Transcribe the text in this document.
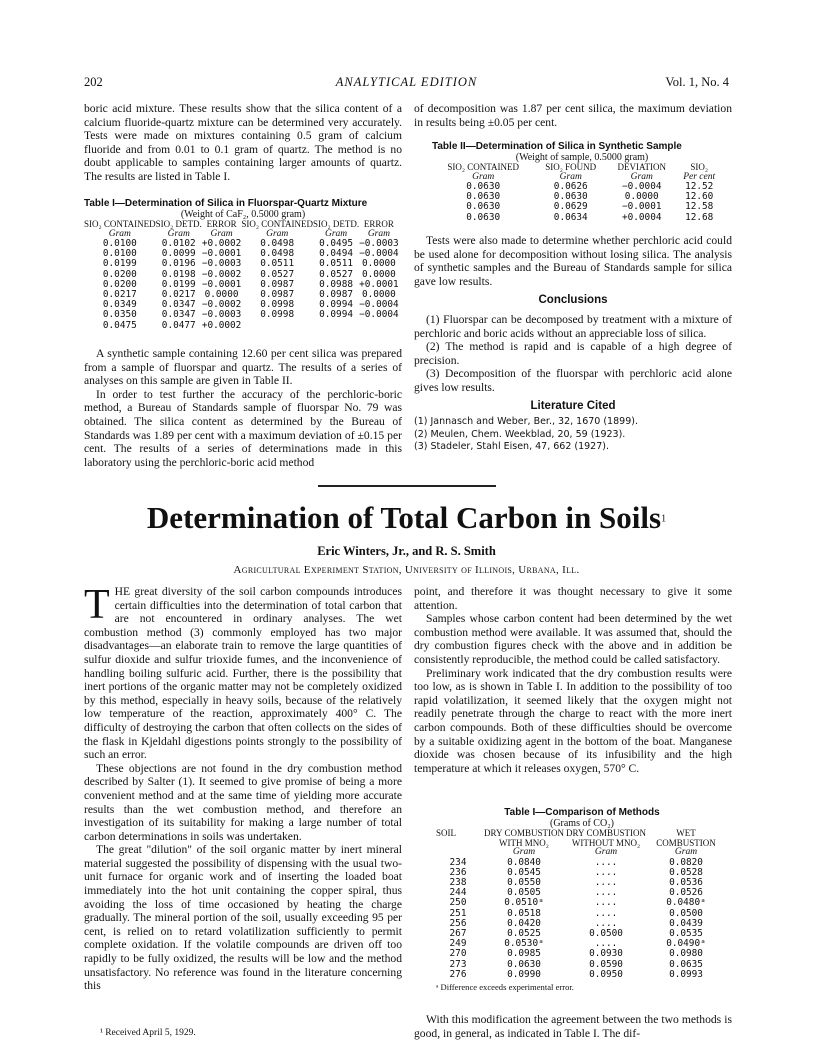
202	ANALYTICAL EDITION	Vol. 1, No. 4

boric acid mixture. These results show that the silica content of a calcium fluoride-quartz mixture can be determined very accurately. Tests were made on mixtures containing 0.5 gram of calcium fluoride and from 0.01 to 0.1 gram of quartz. The method is no doubt applicable to samples containing larger amounts of quartz. The results are listed in Table I.

Table I—Determination of Silica in Fluorspar-Quartz Mixture
(Weight of CaF₂, 0.5000 gram)
SIO₂ CONTAINED	SIO₂ DETD.	ERROR	SIO₂ CONTAINED	SIO₂ DETD.	ERROR
Gram	Gram	Gram	Gram	Gram	Gram
0.0100	0.0102	+0.0002	0.0498	0.0495	−0.0003
0.0100	0.0099	−0.0001	0.0498	0.0494	−0.0004
0.0199	0.0196	−0.0003	0.0511	0.0511	0.0000
0.0200	0.0198	−0.0002	0.0527	0.0527	0.0000
0.0200	0.0199	−0.0001	0.0987	0.0988	+0.0001
0.0217	0.0217	0.0000	0.0987	0.0987	0.0000
0.0349	0.0347	−0.0002	0.0998	0.0994	−0.0004
0.0350	0.0347	−0.0003	0.0998	0.0994	−0.0004
0.0475	0.0477	+0.0002			

A synthetic sample containing 12.60 per cent silica was prepared from a sample of fluorspar and quartz. The results of a series of analyses on this sample are given in Table II.

In order to test further the accuracy of the perchloric-boric method, a Bureau of Standards sample of fluorspar No. 79 was obtained. The silica content as determined by the Bureau of Standards was 1.89 per cent with a maximum deviation of ±0.15 per cent. The results of a series of determinations made in this laboratory using the perchloric-boric acid method

of decomposition was 1.87 per cent silica, the maximum deviation in results being ±0.05 per cent.

Table II—Determination of Silica in Synthetic Sample
(Weight of sample, 0.5000 gram)
SIO₂ CONTAINED	SIO₂ FOUND	DEVIATION	SIO₂
Gram	Gram	Gram	Per cent
0.0630	0.0626	−0.0004	12.52
0.0630	0.0630	0.0000	12.60
0.0630	0.0629	−0.0001	12.58
0.0630	0.0634	+0.0004	12.68

Tests were also made to determine whether perchloric acid could be used alone for decomposition without losing silica. The analysis of synthetic samples and the Bureau of Standards sample for silica gave low results.

Conclusions

(1) Fluorspar can be decomposed by treatment with a mixture of perchloric and boric acids without an appreciable loss of silica.

(2) The method is rapid and is capable of a high degree of precision.

(3) Decomposition of the fluorspar with perchloric acid alone gives low results.

Literature Cited
(1) Jannasch and Weber, Ber., 32, 1670 (1899).
(2) Meulen, Chem. Weekblad, 20, 59 (1923).
(3) Stadeler, Stahl Eisen, 47, 662 (1927).
Determination of Total Carbon in Soils$^1$
Eric Winters, Jr., and R. S. Smith
Agricultural Experiment Station, University of Illinois, Urbana, Ill.

THE great diversity of the soil carbon compounds introduces certain difficulties into the determination of total carbon that are not encountered in ordinary analyses. The wet combustion method (3) commonly employed has two major disadvantages—an elaborate train to remove the large quantities of sulfur dioxide and sulfur trioxide fumes, and the inconvenience of handling boiling sulfuric acid. Further, there is the possibility that inert portions of the organic matter may not be completely oxidized by this method, especially in heavy soils, because of the relatively low temperature of the reaction, approximately 400° C. The difficulty of destroying the carbon that often collects on the sides of the flask in Kjeldahl digestions points strongly to the possibility of such an error.

These objections are not found in the dry combustion method described by Salter (1). It seemed to give promise of being a more convenient method and at the same time of yielding more accurate results than the wet combustion method, and therefore an investigation of its suitability for making a large number of total carbon determinations in soils was undertaken.

The great "dilution" of the soil organic matter by inert mineral material suggested the possibility of dispensing with the usual two-unit furnace for organic work and of inserting the loaded boat immediately into the hot unit containing the copper spiral, thus avoiding the loss of time occasioned by heating the charge gradually. The mineral portion of the soil, usually exceeding 95 per cent, is relied on to retard volatilization sufficiently to permit complete oxidation. If the volatile compounds are driven off too rapidly to be fully oxidized, the results will be low and the method unsatisfactory. No reference was found in the literature concerning this

¹ Received April 5, 1929.

point, and therefore it was thought necessary to give it some attention.

Samples whose carbon content had been determined by the wet combustion method were available. It was assumed that, should the dry combustion figures check with the above and in addition be consistently reproducible, the method could be called satisfactory.

Preliminary work indicated that the dry combustion results were too low, as is shown in Table I. In addition to the possibility of too rapid volatilization, it seemed likely that the oxygen might not readily penetrate through the charge to react with the more inert carbon compounds. Both of these difficulties should be overcome by a suitable oxidizing agent in the bottom of the boat. Manganese dioxide was chosen because of its infusibility and the high temperature at which it releases oxygen, 570° C.

Table I—Comparison of Methods
(Grams of CO₂)
SOIL	DRY COMBUSTION WITH MNO₂	DRY COMBUSTION WITHOUT MNO₂	WET COMBUSTION
	Gram	Gram	Gram
234	0.0840	....	0.0820
236	0.0545	....	0.0528
238	0.0550	....	0.0536
244	0.0505	....	0.0526
250	0.0510ᵃ	....	0.0480ᵃ
251	0.0518	....	0.0500
256	0.0420	....	0.0439
267	0.0525	0.0500	0.0535
249	0.0530ᵃ	....	0.0490ᵃ
270	0.0985	0.0930	0.0980
273	0.0630	0.0590	0.0635
276	0.0990	0.0950	0.0993
ᵃ Difference exceeds experimental error.

With this modification the agreement between the two methods is good, in general, as indicated in Table I. The dif-
